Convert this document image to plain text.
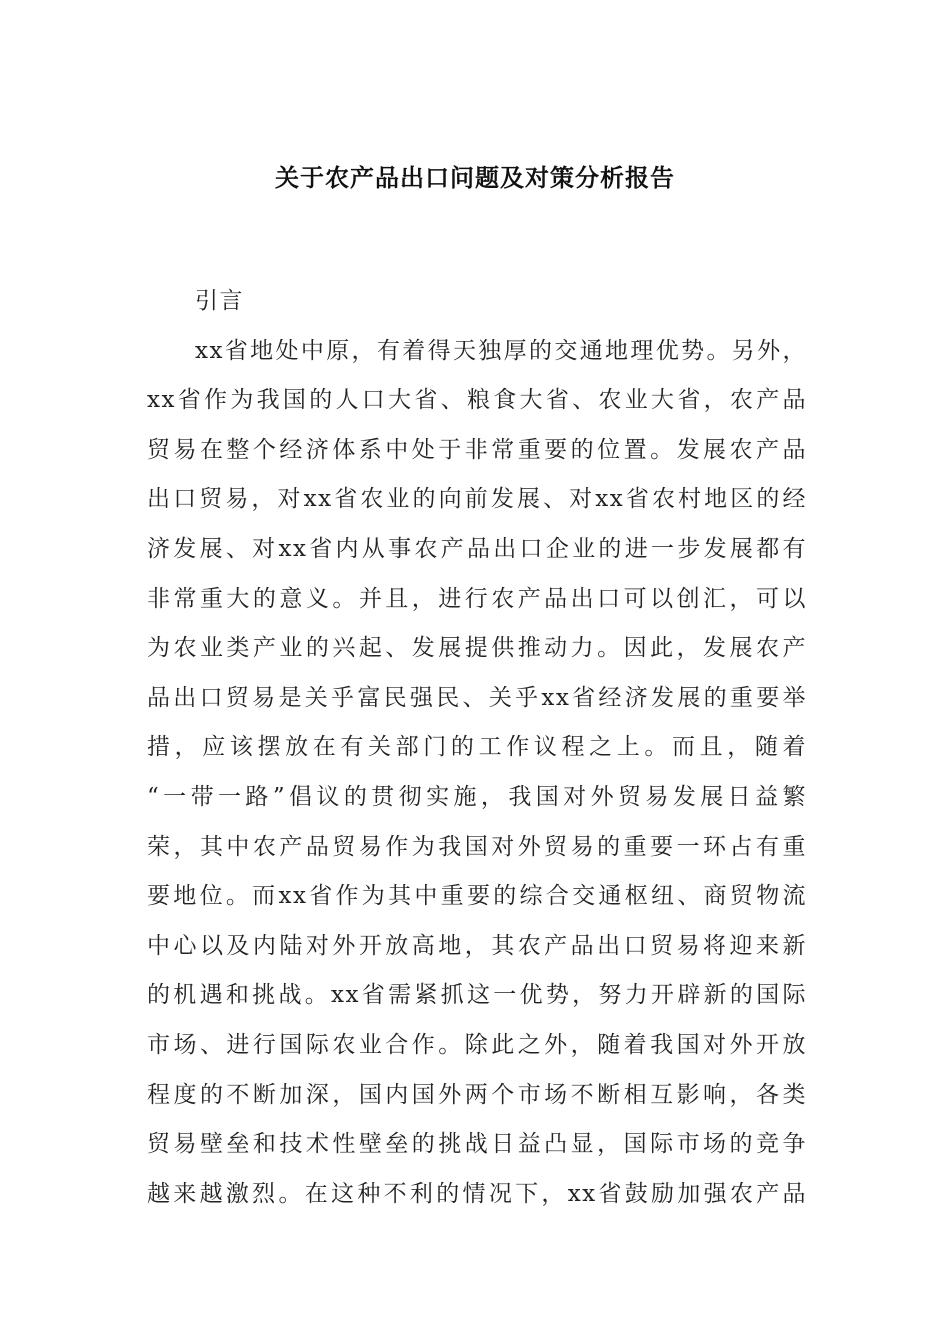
关于农产品出口问题及对策分析报告
引言
xx省地处中原，有着得天独厚的交通地理优势。另外，
xx省作为我国的人口大省、粮食大省、农业大省，农产品
贸易在整个经济体系中处于非常重要的位置。发展农产品
出口贸易，对xx省农业的向前发展、对xx省农村地区的经
济发展、对xx省内从事农产品出口企业的进一步发展都有
非常重大的意义。并且，进行农产品出口可以创汇，可以
为农业类产业的兴起、发展提供推动力。因此，发展农产
品出口贸易是关乎富民强民、关乎xx省经济发展的重要举
措，应该摆放在有关部门的工作议程之上。而且，随着
“一带一路”倡议的贯彻实施，我国对外贸易发展日益繁
荣，其中农产品贸易作为我国对外贸易的重要一环占有重
要地位。而xx省作为其中重要的综合交通枢纽、商贸物流
中心以及内陆对外开放高地，其农产品出口贸易将迎来新
的机遇和挑战。xx省需紧抓这一优势，努力开辟新的国际
市场、进行国际农业合作。除此之外，随着我国对外开放
程度的不断加深，国内国外两个市场不断相互影响，各类
贸易壁垒和技术性壁垒的挑战日益凸显，国际市场的竞争
越来越激烈。在这种不利的情况下，xx省鼓励加强农产品
